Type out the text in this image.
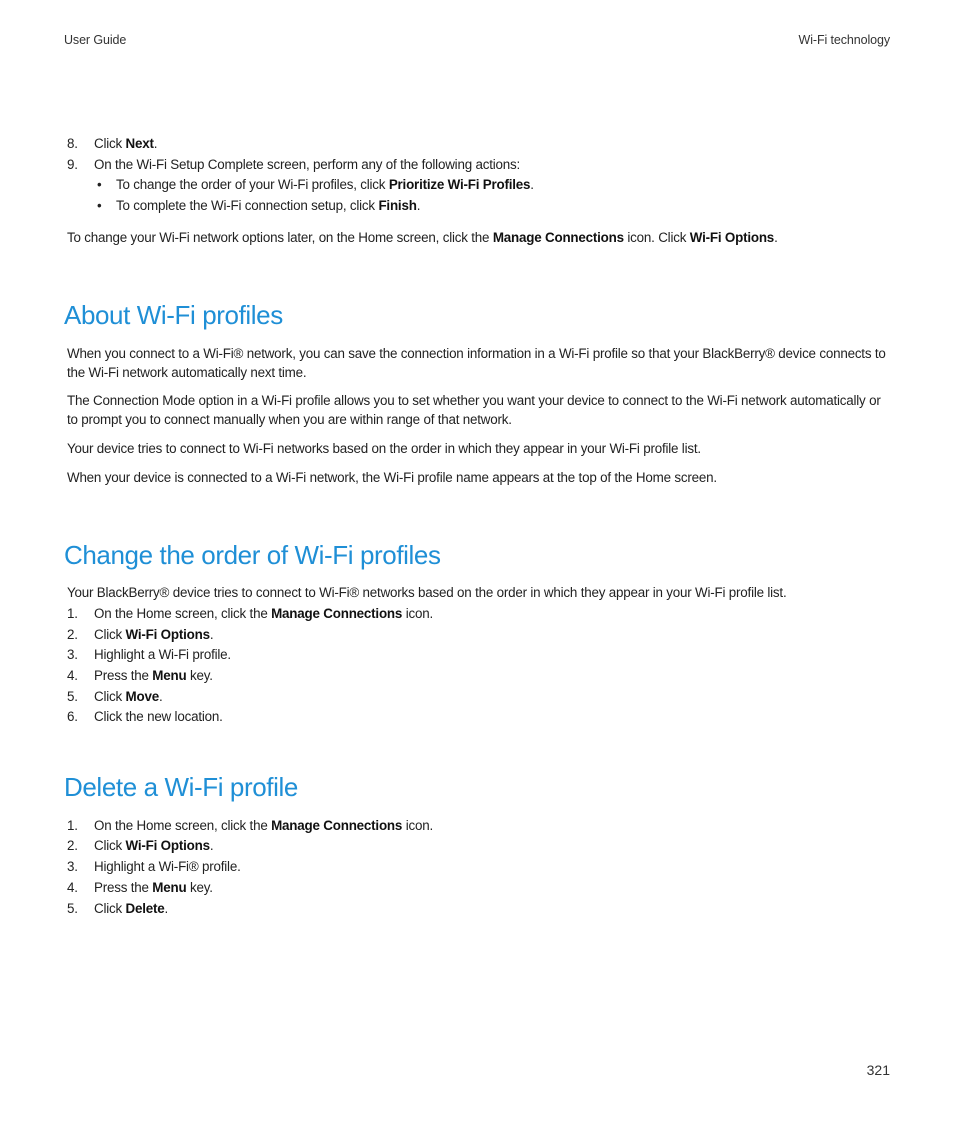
User Guide	Wi-Fi technology
8.	Click Next.
9.	On the Wi-Fi Setup Complete screen, perform any of the following actions:
• To change the order of your Wi-Fi profiles, click Prioritize Wi-Fi Profiles.
• To complete the Wi-Fi connection setup, click Finish.
To change your Wi-Fi network options later, on the Home screen, click the Manage Connections icon. Click Wi-Fi Options.
About Wi-Fi profiles
When you connect to a Wi-Fi® network, you can save the connection information in a Wi-Fi profile so that your BlackBerry® device connects to the Wi-Fi network automatically next time.
The Connection Mode option in a Wi-Fi profile allows you to set whether you want your device to connect to the Wi-Fi network automatically or to prompt you to connect manually when you are within range of that network.
Your device tries to connect to Wi-Fi networks based on the order in which they appear in your Wi-Fi profile list.
When your device is connected to a Wi-Fi network, the Wi-Fi profile name appears at the top of the Home screen.
Change the order of Wi-Fi profiles
Your BlackBerry® device tries to connect to Wi-Fi® networks based on the order in which they appear in your Wi-Fi profile list.
1.	On the Home screen, click the Manage Connections icon.
2.	Click Wi-Fi Options.
3.	Highlight a Wi-Fi profile.
4.	Press the Menu key.
5.	Click Move.
6.	Click the new location.
Delete a Wi-Fi profile
1.	On the Home screen, click the Manage Connections icon.
2.	Click Wi-Fi Options.
3.	Highlight a Wi-Fi® profile.
4.	Press the Menu key.
5.	Click Delete.
321
